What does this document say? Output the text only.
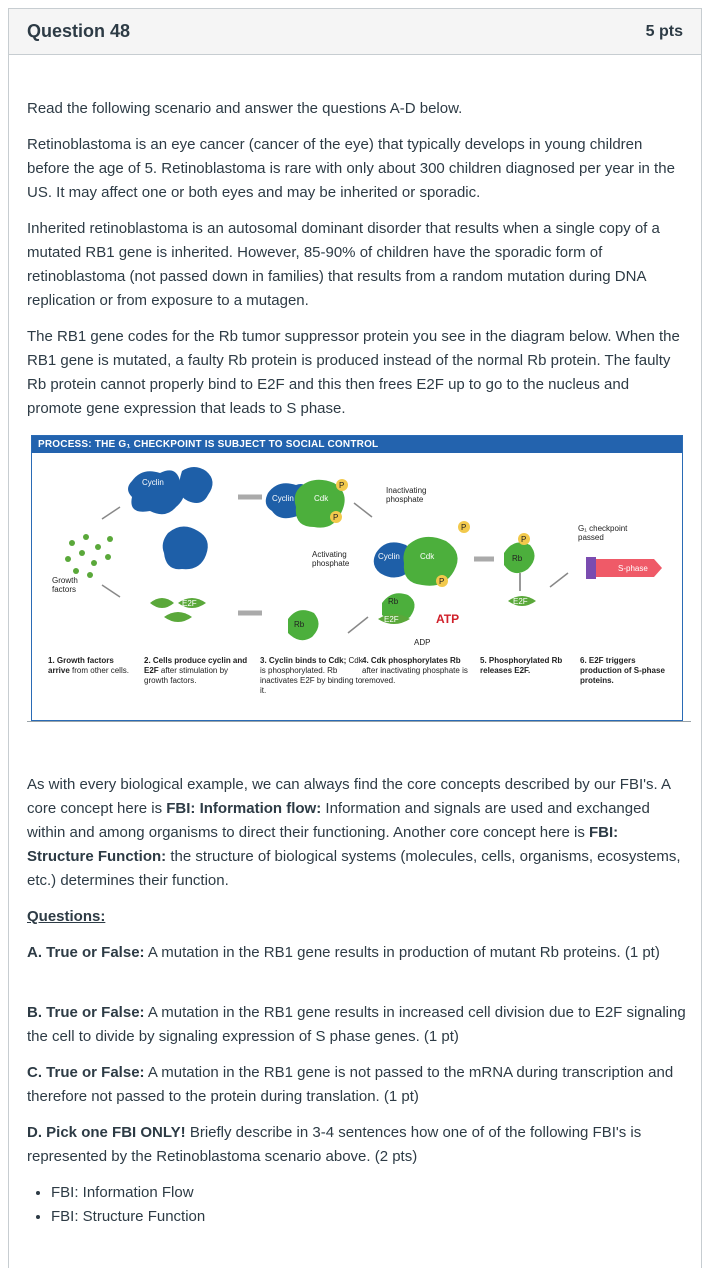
Question 48	5 pts

Read the following scenario and answer the questions A-D below.

Retinoblastoma is an eye cancer (cancer of the eye) that typically develops in young children before the age of 5. Retinoblastoma is rare with only about 300 children diagnosed per year in the US. It may affect one or both eyes and may be inherited or sporadic.

Inherited retinoblastoma is an autosomal dominant disorder that results when a single copy of a mutated RB1 gene is inherited. However, 85-90% of children have the sporadic form of retinoblastoma (not passed down in families) that results from a random mutation during DNA replication or from exposure to a mutagen.

The RB1 gene codes for the Rb tumor suppressor protein you see in the diagram below. When the RB1 gene is mutated, a faulty Rb protein is produced instead of the normal Rb protein. The faulty Rb protein cannot properly bind to E2F and this then frees E2F up to go to the nucleus and promote gene expression that leads to S phase.

PROCESS: THE G₁ CHECKPOINT IS SUBJECT TO SOCIAL CONTROL
Growth
factors
Cyclin
E2F
Cyclin	Cdk
P
P
Activating
phosphate
Rb
Inactivating
phosphate
Cyclin	Cdk
P
P
Rb
E2F	ATP
ADP
Rb
P
E2F
G₁ checkpoint
passed
S-phase
1. Growth factors arrive from other cells.
2. Cells produce cyclin and E2F after stimulation by growth factors.
3. Cyclin binds to Cdk; Cdk is phosphorylated. Rb inactivates E2F by binding to it.
4. Cdk phosphorylates Rb after inactivating phosphate is removed.
5. Phosphorylated Rb releases E2F.
6. E2F triggers production of S-phase proteins.

As with every biological example, we can always find the core concepts described by our FBI's. A core concept here is FBI: Information flow: Information and signals are used and exchanged within and among organisms to direct their functioning. Another core concept here is FBI: Structure Function: the structure of biological systems (molecules, cells, organisms, ecosystems, etc.) determines their function.

Questions:

A. True or False: A mutation in the RB1 gene results in production of mutant Rb proteins. (1 pt)

B. True or False: A mutation in the RB1 gene results in increased cell division due to E2F signaling the cell to divide by signaling expression of S phase genes. (1 pt)

C. True or False: A mutation in the RB1 gene is not passed to the mRNA during transcription and therefore not passed to the protein during translation. (1 pt)

D. Pick one FBI ONLY! Briefly describe in 3-4 sentences how one of of the following FBI's is represented by the Retinoblastoma scenario above. (2 pts)

• FBI: Information Flow
• FBI: Structure Function
